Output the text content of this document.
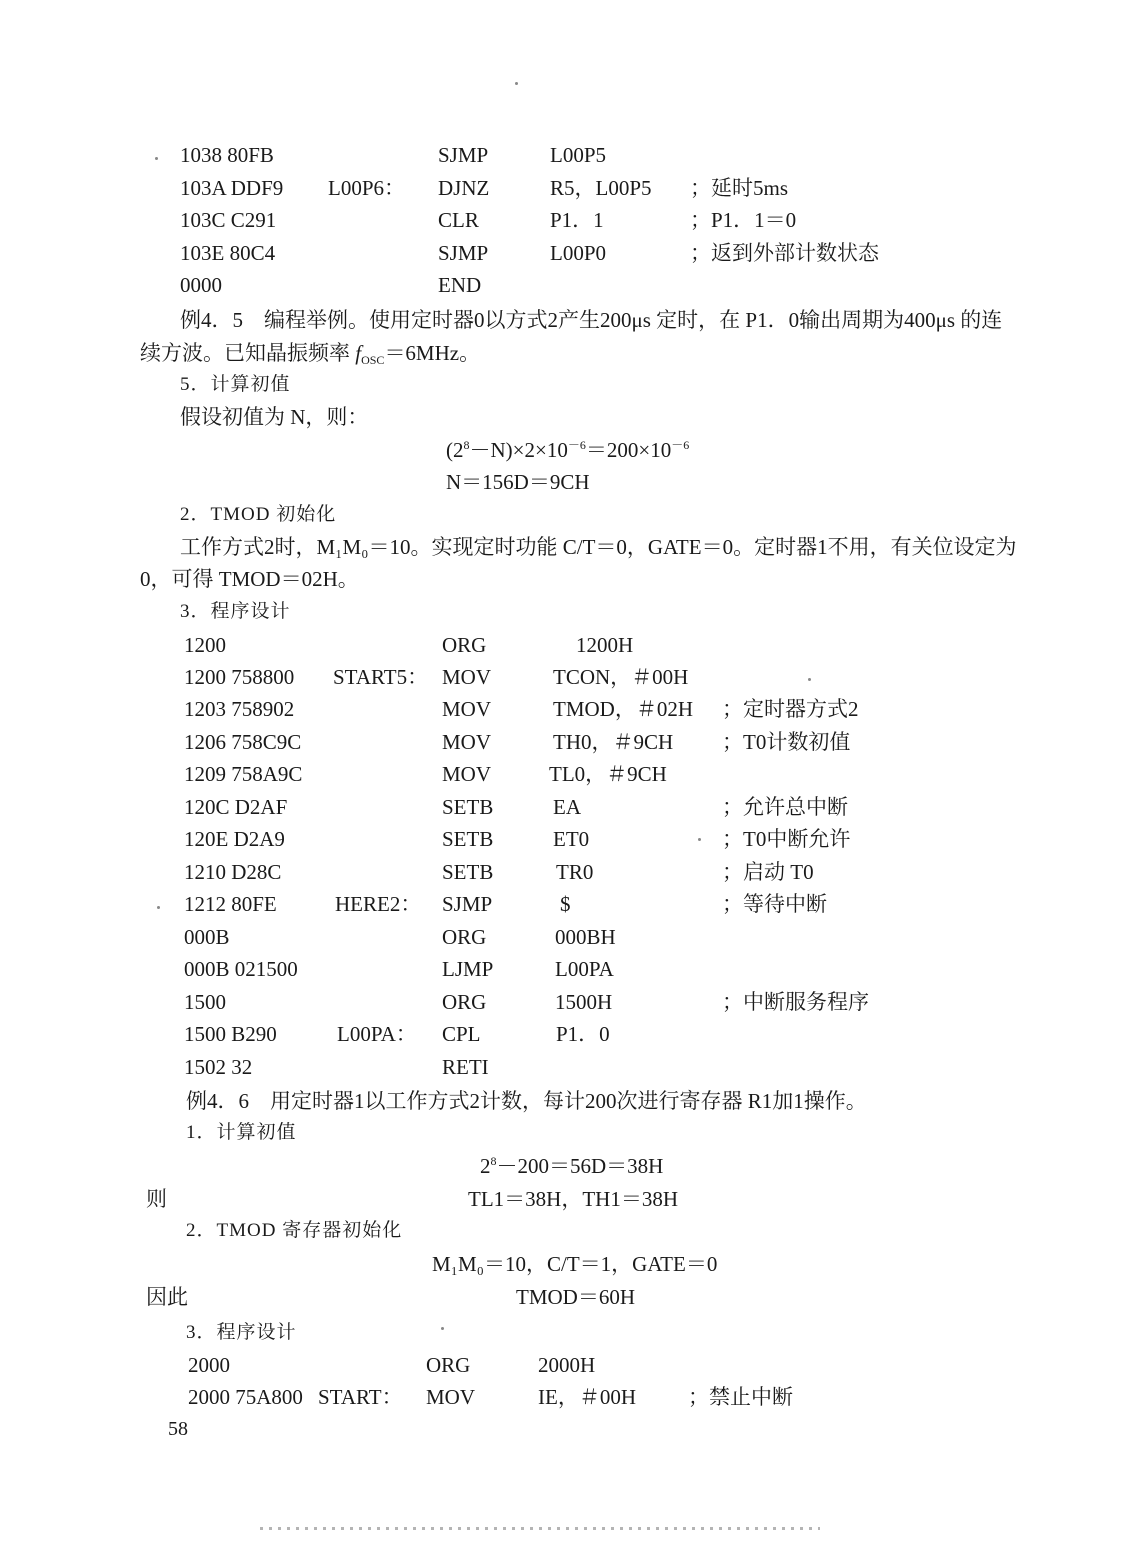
1038 80FB	SJMP	L00P5
103A DDF9 L00P6： DJNZ	R5，L00P5 ；延时5ms
103C C291	CLR	P1．1	；P1．1＝0
103E 80C4	SJMP	L00P0	；返到外部计数状态
0000	END
例4．5　编程举例。使用定时器0以方式2产生200μs 定时，在 P1．0输出周期为400μs 的连
续方波。已知晶振频率 $f_{OSC}=6MHz$。
5．计算初值
假设初值为 N，则：
$(2^8-N)\times 2\times 10^{-6}=200\times 10^{-6}$
N＝156D＝9CH
2．TMOD 初始化
工作方式2时，M₁M₀＝10。实现定时功能 C/T＝0，GATE＝0。定时器1不用，有关位设定为
0，可得 TMOD＝02H。
3．程序设计
1200	ORG	1200H
1200 758800 START5： MOV	TCON，＃00H
1203 758902	MOV	TMOD，＃02H ；定时器方式2
1206 758C9C	MOV	TH0，＃9CH ；T0计数初值
1209 758A9C	MOV	TL0，＃9CH
120C D2AF	SETB	EA	；允许总中断
120E D2A9	SETB	ET0	；T0中断允许
1210 D28C	SETB	TR0	；启动 T0
1212 80FE	HERE2： SJMP	$	；等待中断
000B	ORG	000BH
000B 021500	LJMP	L00PA
1500	ORG	1500H	；中断服务程序
1500 B290	L00PA： CPL	P1．0
1502 32	RETI
例4．6　用定时器1以工作方式2计数，每计200次进行寄存器 R1加1操作。
1．计算初值
$2^8-200=56D=38H$
则	TL1＝38H，TH1＝38H
2．TMOD 寄存器初始化
M₁M₀＝10，C/T＝1，GATE＝0
因此	TMOD＝60H
3．程序设计
2000	ORG	2000H
2000 75A800 START： MOV	IE，＃00H ；禁止中断
58
